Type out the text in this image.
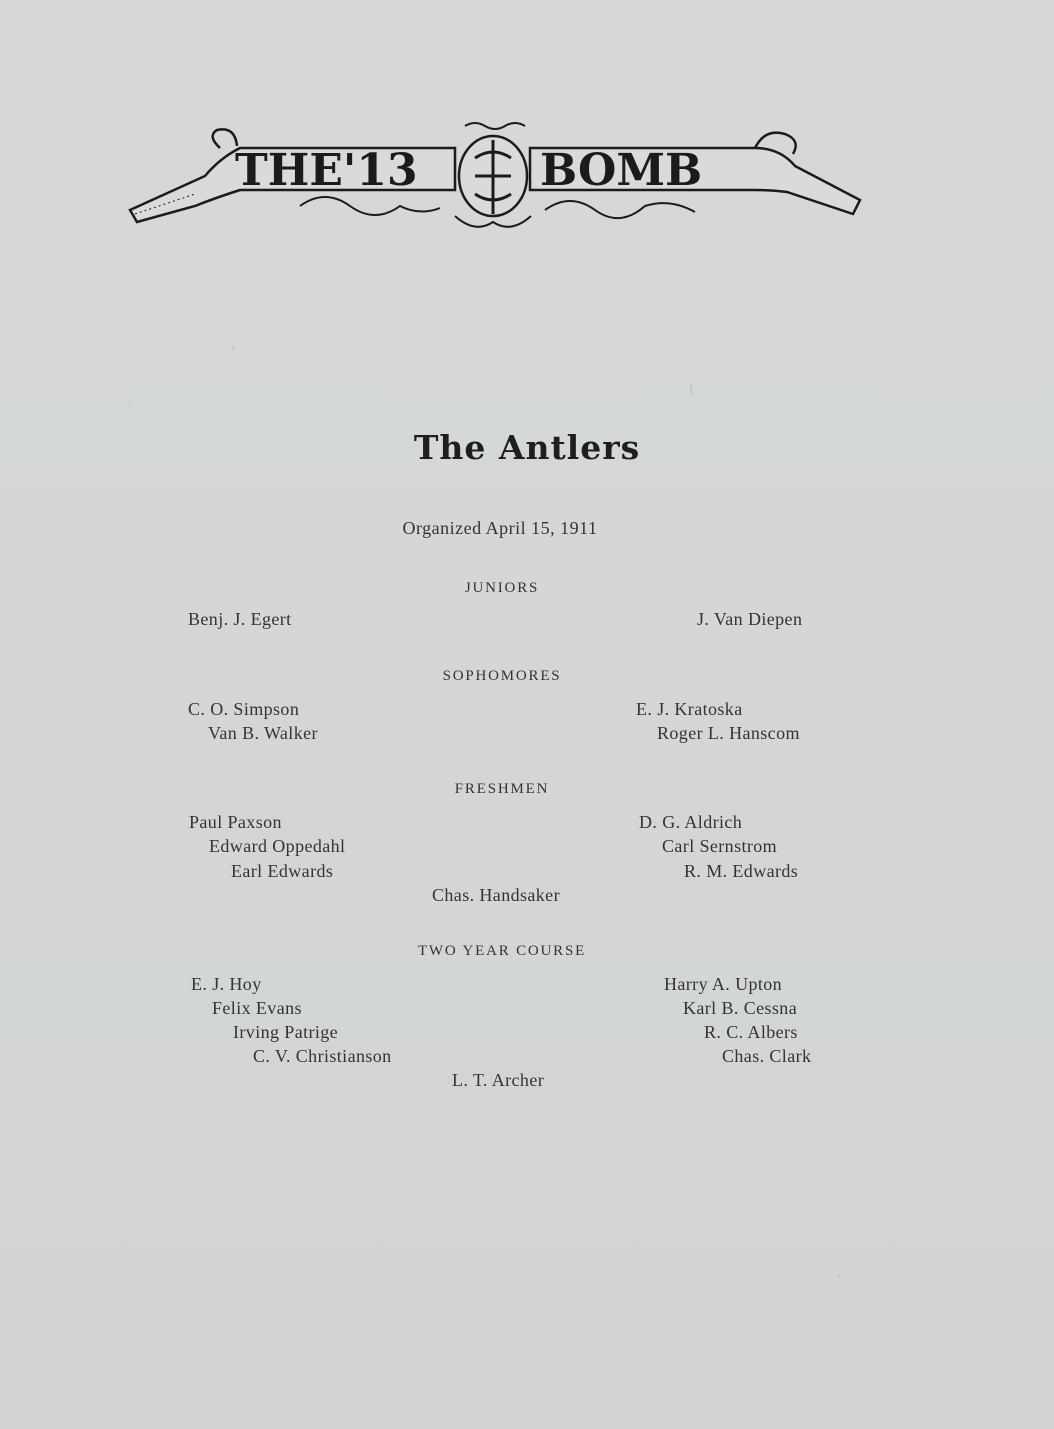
THE'13	BOMB
The Antlers
Organized April 15, 1911
JUNIORS
Benj. J. Egert	J. Van Diepen
SOPHOMORES
C. O. Simpson
Van B. Walker
E. J. Kratoska
Roger L. Hanscom
FRESHMEN
Paul Paxson
Edward Oppedahl
Earl Edwards
D. G. Aldrich
Carl Sernstrom
R. M. Edwards
Chas. Handsaker
TWO YEAR COURSE
E. J. Hoy
Felix Evans
Irving Patrige
C. V. Christianson
Harry A. Upton
Karl B. Cessna
R. C. Albers
Chas. Clark
L. T. Archer
